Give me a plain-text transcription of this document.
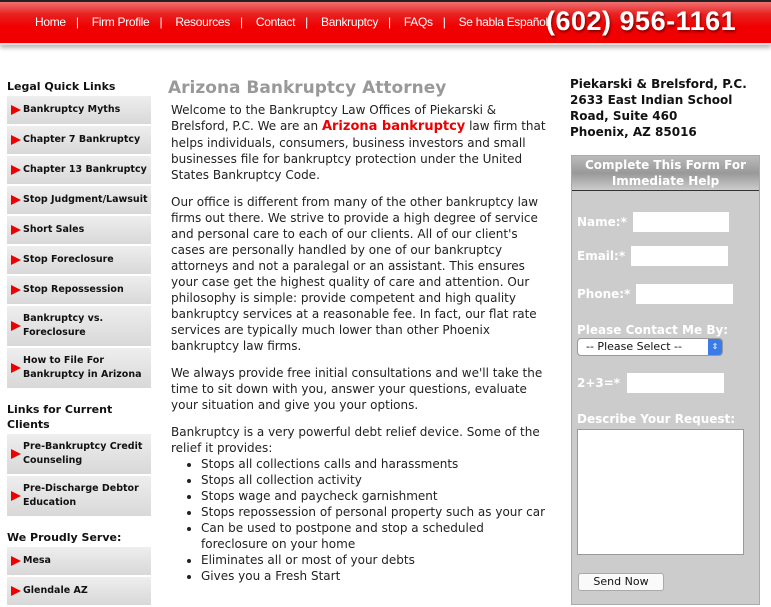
Home | Firm Profile | Resources | Contact | Bankruptcy | FAQs | Se habla Español
(602) 956-1161
Legal Quick Links
Bankruptcy Myths
Chapter 7 Bankruptcy
Chapter 13 Bankruptcy
Stop Judgment/Lawsuit
Short Sales
Stop Foreclosure
Stop Repossession
Bankruptcy vs. Foreclosure
How to File For Bankruptcy in Arizona
Links for Current Clients
Pre-Bankruptcy Credit Counseling
Pre-Discharge Debtor Education
We Proudly Serve:
Mesa
Glendale AZ
Arizona Bankruptcy Attorney

Welcome to the Bankruptcy Law Offices of Piekarski & Brelsford, P.C. We are an Arizona bankruptcy law firm that helps individuals, consumers, business investors and small businesses file for bankruptcy protection under the United States Bankruptcy Code.

Our office is different from many of the other bankruptcy law firms out there. We strive to provide a high degree of service and personal care to each of our clients. All of our client's cases are personally handled by one of our bankruptcy attorneys and not a paralegal or an assistant. This ensures your case get the highest quality of care and attention. Our philosophy is simple: provide competent and high quality bankruptcy services at a reasonable fee. In fact, our flat rate services are typically much lower than other Phoenix bankruptcy law firms.

We always provide free initial consultations and we'll take the time to sit down with you, answer your questions, evaluate your situation and give you your options.

Bankruptcy is a very powerful debt relief device. Some of the relief it provides:

• Stops all collections calls and harassments
• Stops all collection activity
• Stops wage and paycheck garnishment
• Stops repossession of personal property such as your car
• Can be used to postpone and stop a scheduled foreclosure on your home
• Eliminates all or most of your debts
• Gives you a Fresh Start
Piekarski & Brelsford, P.C.
2633 East Indian School Road, Suite 460
Phoenix, AZ 85016
Complete This Form For Immediate Help
Name:*
Email:*
Phone:*
Please Contact Me By:
-- Please Select --	⇕
2+3=*
Describe Your Request:
Send Now
